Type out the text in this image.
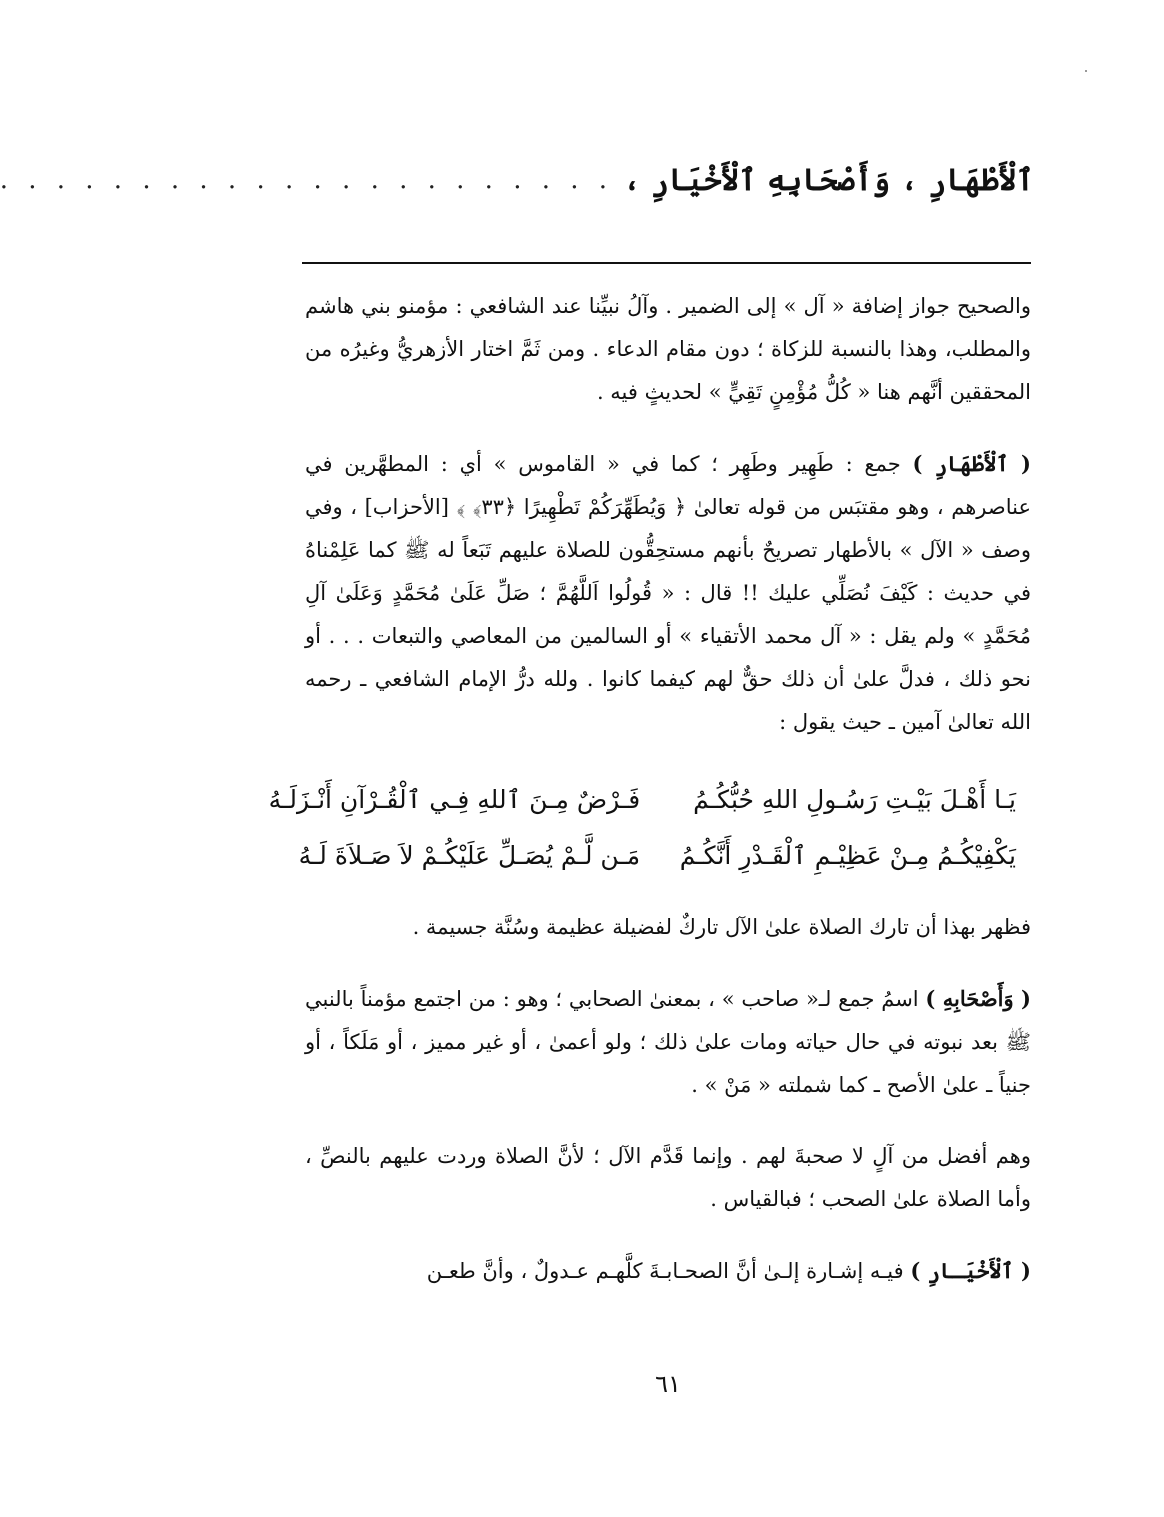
ٱلْأَطْهَارِ ، وَأَصْحَابِهِ ٱلْأَخْيَارِ ،
. . . . . . . . . . . . . . . . . . . . . .

والصحيح جواز إضافة « آل » إلى الضمير . وآلُ نبيِّنا عند الشافعي : مؤمنو بني هاشم والمطلب، وهذا بالنسبة للزكاة ؛ دون مقام الدعاء . ومن ثَمَّ اختار الأزهريُّ وغيرُه من المحققين أنَّهم هنا « كُلُّ مُؤْمِنٍ تَقِيٍّ » لحديثٍ فيه .

( ٱلْأَطْهَارِ ) جمع : طَهِير وطَهِر ؛ كما في « القاموس » أي : المطهَّرين في عناصرهم ، وهو مقتبَس من قوله تعالىٰ ﴿ وَيُطَهِّرَكُمْ تَطْهِيرًا ﴿٣٣﴾ ﴾ [الأحزاب] ، وفي وصف « الآل » بالأطهار تصريحٌ بأنهم مستحِقُّون للصلاة عليهم تَبَعاً له ﷺ كما عَلِمْناهُ في حديث : كَيْفَ نُصَلِّي عليك !! قال : « قُولُوا اَللَّهُمَّ ؛ صَلِّ عَلَىٰ مُحَمَّدٍ وَعَلَىٰ آلِ مُحَمَّدٍ » ولم يقل : « آل محمد الأتقياء » أو السالمين من المعاصي والتبعات . . . أو نحو ذلك ، فدلَّ علىٰ أن ذلك حقٌّ لهم كيفما كانوا . ولله درُّ الإمام الشافعي ـ رحمه الله تعالىٰ آمين ـ حيث يقول :

يَـا أَهْـلَ بَيْـتِ رَسُـولِ اللهِ حُبُّكُـمُ
فَـرْضٌ مِـنَ ٱللهِ فِـي ٱلْقُـرْآنِ أَنْـزَلَـهُ
يَكْفِيْكُـمُ مِـنْ عَظِيْـمِ ٱلْقَـدْرِ أَنَّكُـمُ
مَـن لَّـمْ يُصَـلِّ عَلَيْكُـمْ لاَ صَـلاَةَ لَـهُ

فظهر بهذا أن تارك الصلاة علىٰ الآل تاركٌ لفضيلة عظيمة وسُنَّة جسيمة .

( وَأَصْحَابِهِ ) اسمُ جمع لـ« صاحب » ، بمعنىٰ الصحابي ؛ وهو : من اجتمع مؤمناً بالنبي ﷺ بعد نبوته في حال حياته ومات علىٰ ذلك ؛ ولو أعمىٰ ، أو غير مميز ، أو مَلَكاً ، أو جنياً ـ علىٰ الأصح ـ كما شملته « مَنْ » .

وهم أفضل من آلٍ لا صحبةَ لهم . وإنما قَدَّم الآل ؛ لأنَّ الصلاة وردت عليهم بالنصِّ ، وأما الصلاة علىٰ الصحب ؛ فبالقياس .

( ٱلْأَخْيَـارِ ) فيـه إشـارة إلـىٰ أنَّ الصحـابـةَ كلَّهـم عـدولٌ ، وأنَّ طعـن

٦١
